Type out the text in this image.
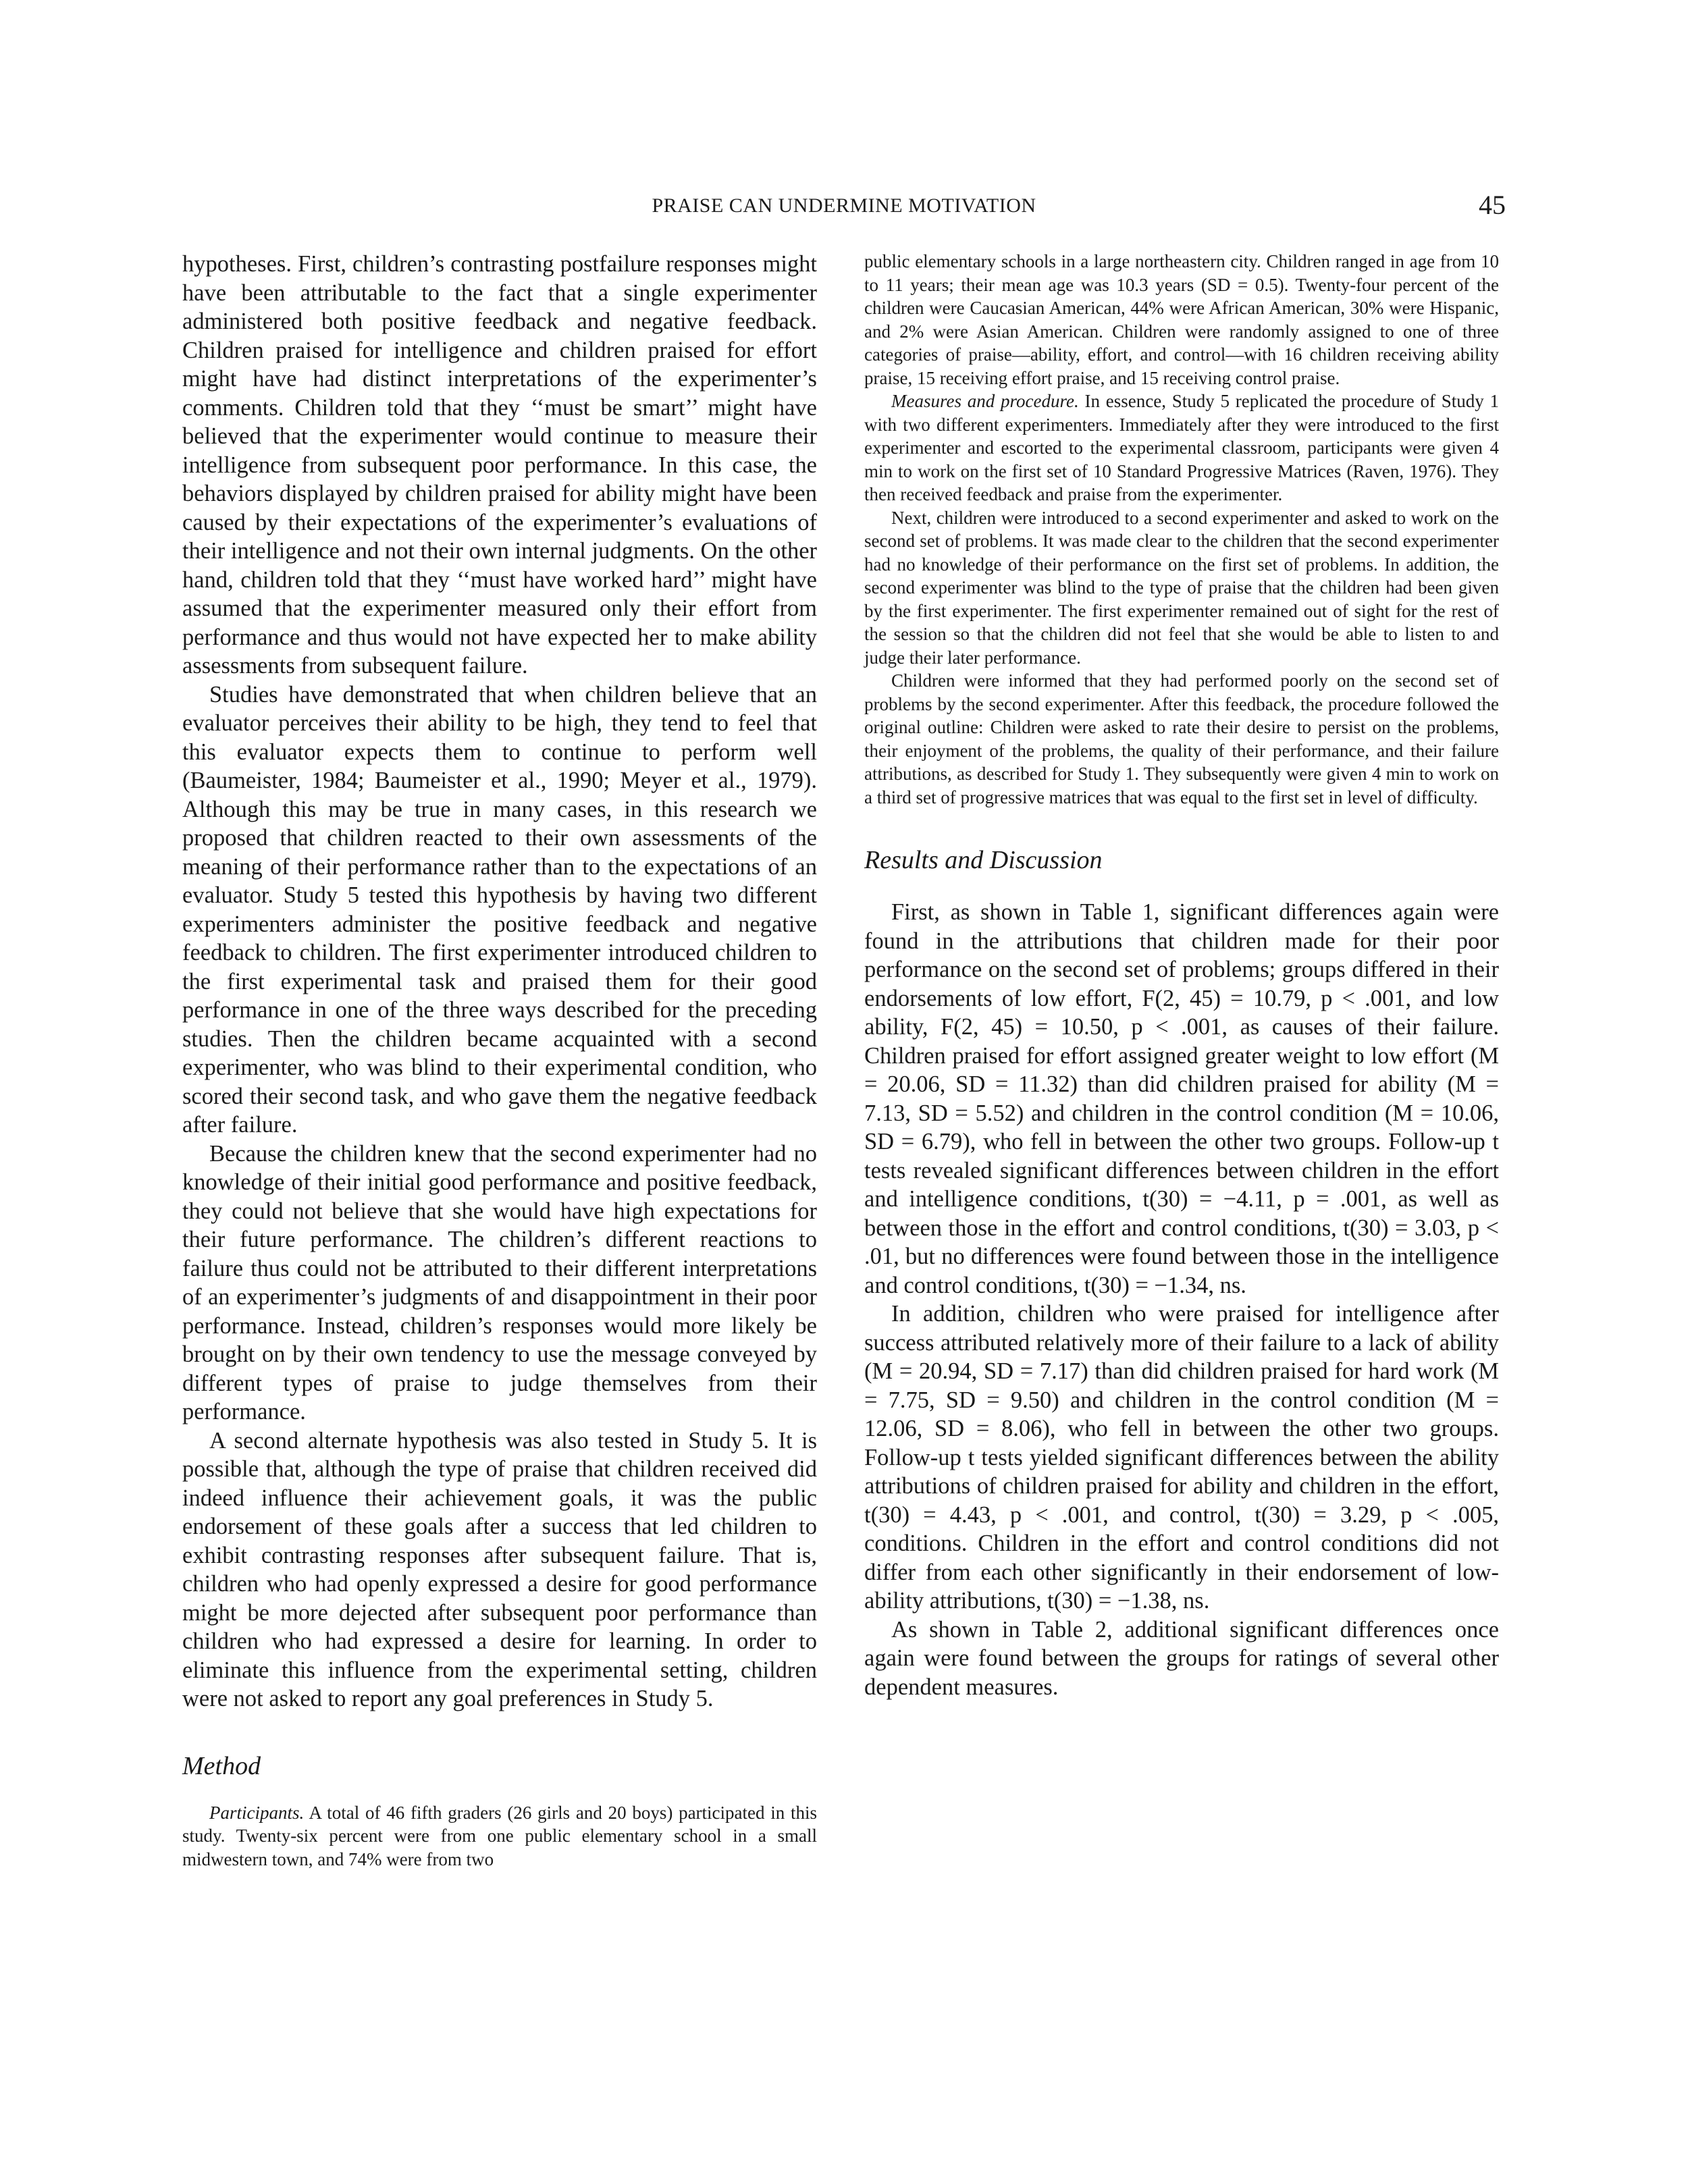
PRAISE CAN UNDERMINE MOTIVATION	45

hypotheses. First, children’s contrasting postfailure responses might have been attributable to the fact that a single experimenter administered both positive feedback and negative feedback. Children praised for intelligence and children praised for effort might have had distinct interpretations of the experimenter’s comments. Children told that they ‘‘must be smart’’ might have believed that the experimenter would continue to measure their intelligence from subsequent poor performance. In this case, the behaviors displayed by children praised for ability might have been caused by their expectations of the experimenter’s evaluations of their intelligence and not their own internal judgments. On the other hand, children told that they ‘‘must have worked hard’’ might have assumed that the experimenter measured only their effort from performance and thus would not have expected her to make ability assessments from subsequent failure.

Studies have demonstrated that when children believe that an evaluator perceives their ability to be high, they tend to feel that this evaluator expects them to continue to perform well (Baumeister, 1984; Baumeister et al., 1990; Meyer et al., 1979). Although this may be true in many cases, in this research we proposed that children reacted to their own assessments of the meaning of their performance rather than to the expectations of an evaluator. Study 5 tested this hypothesis by having two different experimenters administer the positive feedback and negative feedback to children. The first experimenter introduced children to the first experimental task and praised them for their good performance in one of the three ways described for the preceding studies. Then the children became acquainted with a second experimenter, who was blind to their experimental condition, who scored their second task, and who gave them the negative feedback after failure.

Because the children knew that the second experimenter had no knowledge of their initial good performance and positive feedback, they could not believe that she would have high expectations for their future performance. The children’s different reactions to failure thus could not be attributed to their different interpretations of an experimenter’s judgments of and disappointment in their poor performance. Instead, children’s responses would more likely be brought on by their own tendency to use the message conveyed by different types of praise to judge themselves from their performance.

A second alternate hypothesis was also tested in Study 5. It is possible that, although the type of praise that children received did indeed influence their achievement goals, it was the public endorsement of these goals after a success that led children to exhibit contrasting responses after subsequent failure. That is, children who had openly expressed a desire for good performance might be more dejected after subsequent poor performance than children who had expressed a desire for learning. In order to eliminate this influence from the experimental setting, children were not asked to report any goal preferences in Study 5.

Method

Participants. A total of 46 fifth graders (26 girls and 20 boys) participated in this study. Twenty-six percent were from one public elementary school in a small midwestern town, and 74% were from two

public elementary schools in a large northeastern city. Children ranged in age from 10 to 11 years; their mean age was 10.3 years (SD = 0.5). Twenty-four percent of the children were Caucasian American, 44% were African American, 30% were Hispanic, and 2% were Asian American. Children were randomly assigned to one of three categories of praise—ability, effort, and control—with 16 children receiving ability praise, 15 receiving effort praise, and 15 receiving control praise.

Measures and procedure. In essence, Study 5 replicated the procedure of Study 1 with two different experimenters. Immediately after they were introduced to the first experimenter and escorted to the experimental classroom, participants were given 4 min to work on the first set of 10 Standard Progressive Matrices (Raven, 1976). They then received feedback and praise from the experimenter.

Next, children were introduced to a second experimenter and asked to work on the second set of problems. It was made clear to the children that the second experimenter had no knowledge of their performance on the first set of problems. In addition, the second experimenter was blind to the type of praise that the children had been given by the first experimenter. The first experimenter remained out of sight for the rest of the session so that the children did not feel that she would be able to listen to and judge their later performance.

Children were informed that they had performed poorly on the second set of problems by the second experimenter. After this feedback, the procedure followed the original outline: Children were asked to rate their desire to persist on the problems, their enjoyment of the problems, the quality of their performance, and their failure attributions, as described for Study 1. They subsequently were given 4 min to work on a third set of progressive matrices that was equal to the first set in level of difficulty.

Results and Discussion

First, as shown in Table 1, significant differences again were found in the attributions that children made for their poor performance on the second set of problems; groups differed in their endorsements of low effort, F(2, 45) = 10.79, p < .001, and low ability, F(2, 45) = 10.50, p < .001, as causes of their failure. Children praised for effort assigned greater weight to low effort (M = 20.06, SD = 11.32) than did children praised for ability (M = 7.13, SD = 5.52) and children in the control condition (M = 10.06, SD = 6.79), who fell in between the other two groups. Follow-up t tests revealed significant differences between children in the effort and intelligence conditions, t(30) = −4.11, p = .001, as well as between those in the effort and control conditions, t(30) = 3.03, p < .01, but no differences were found between those in the intelligence and control conditions, t(30) = −1.34, ns.

In addition, children who were praised for intelligence after success attributed relatively more of their failure to a lack of ability (M = 20.94, SD = 7.17) than did children praised for hard work (M = 7.75, SD = 9.50) and children in the control condition (M = 12.06, SD = 8.06), who fell in between the other two groups. Follow-up t tests yielded significant differences between the ability attributions of children praised for ability and children in the effort, t(30) = 4.43, p < .001, and control, t(30) = 3.29, p < .005, conditions. Children in the effort and control conditions did not differ from each other significantly in their endorsement of low-ability attributions, t(30) = −1.38, ns.

As shown in Table 2, additional significant differences once again were found between the groups for ratings of several other dependent measures.
